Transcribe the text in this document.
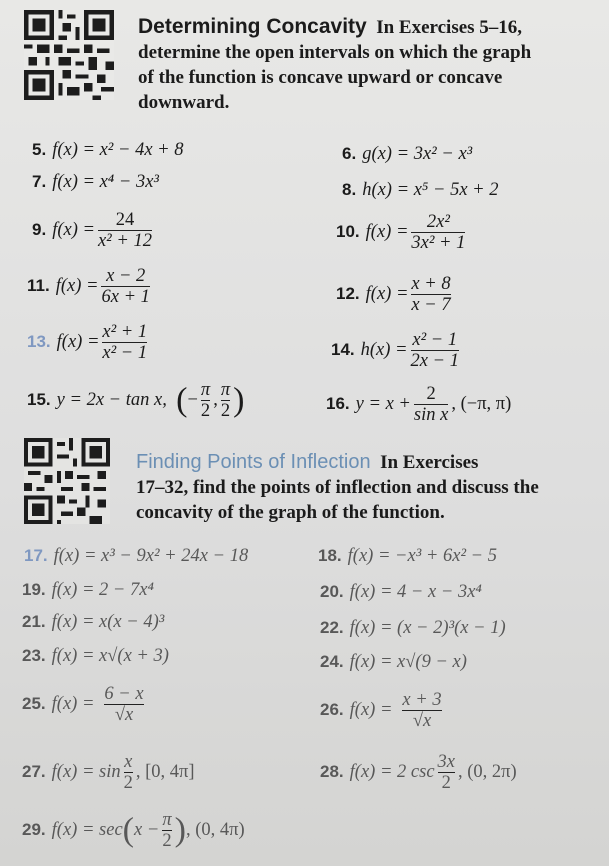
Determining Concavity In Exercises 5–16,
determine the open intervals on which the graph
of the function is concave upward or concave
downward.
5. f(x) = x² − 4x + 8	6. g(x) = 3x² − x³
7. f(x) = x⁴ − 3x³	8. h(x) = x⁵ − 5x + 2
9. $f(x) = \frac{24}{\text{x² + 12}}$	10. $f(x) = \frac{\text{2x²}}{\text{3x² + 1}}$
11. $f(x) = \frac{x - 2}{6x + 1}$	12. $f(x) = \frac{x + 8}{x - 7}$
13. $f(x) = \frac{\text{x² + 1}}{\text{x² − 1}}$	14. $h(x) = \frac{\text{x² − 1}}{2x - 1}$
15. y = 2x − tan x, (− $\frac{\pi}{2}$ , $\frac{\pi}{2}$ )	16. $y = x + \frac{2}{\text{sin x}}$ , (−π, π)
Finding Points of Inflection In Exercises
17–32, find the points of inflection and discuss the
concavity of the graph of the function.
17. f(x) = x³ − 9x² + 24x − 18	18. f(x) = −x³ + 6x² − 5
19. f(x) = 2 − 7x⁴	20. f(x) = 4 − x − 3x⁴
21. f(x) = x(x − 4)³	22. f(x) = (x − 2)³(x − 1)
23. f(x) = x√(x + 3)	24. f(x) = x√(9 − x)
25. $f(x) = \frac{6 - x}{√x}$	26. $f(x) = \frac{x + 3}{√x}$
27. $f(x) = \sin \frac{x}{2}$ , [0, 4π]	28. f(x) = 2 $\csc \frac{3x}{2}$ , (0, 2π)
29. $f(x) = \sec(x - \frac{\pi}{2}$ ), (0, 4π)
